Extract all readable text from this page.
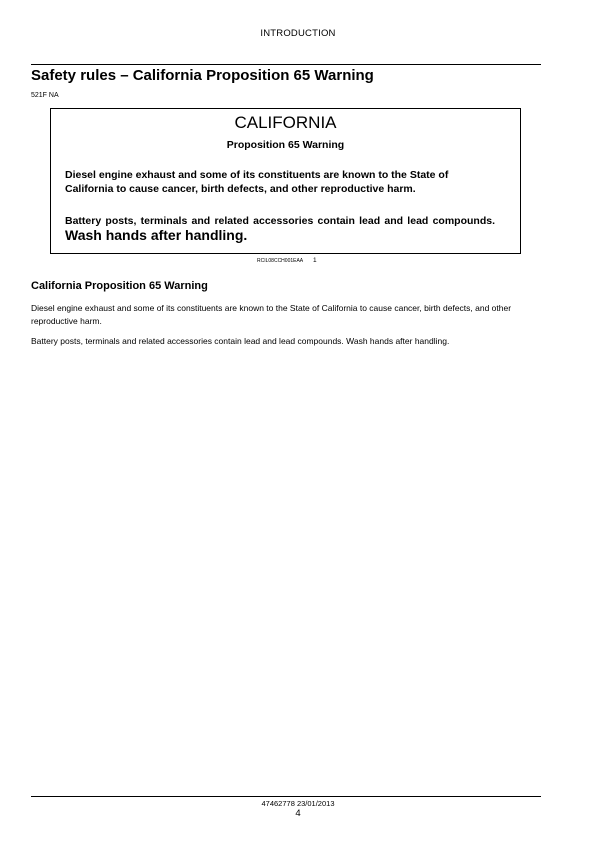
INTRODUCTION
Safety rules – California Proposition 65 Warning
521F NA
CALIFORNIA
Proposition 65 Warning
Diesel engine exhaust and some of its constituents are known to the State of California to cause cancer, birth defects, and other reproductive harm.
Battery posts, terminals and related accessories contain lead and lead compounds. Wash hands after handling.
RCIL08CCH001EAA 1
California Proposition 65 Warning
Diesel engine exhaust and some of its constituents are known to the State of California to cause cancer, birth defects, and other reproductive harm.
Battery posts, terminals and related accessories contain lead and lead compounds. Wash hands after handling.
47462778 23/01/2013
4
